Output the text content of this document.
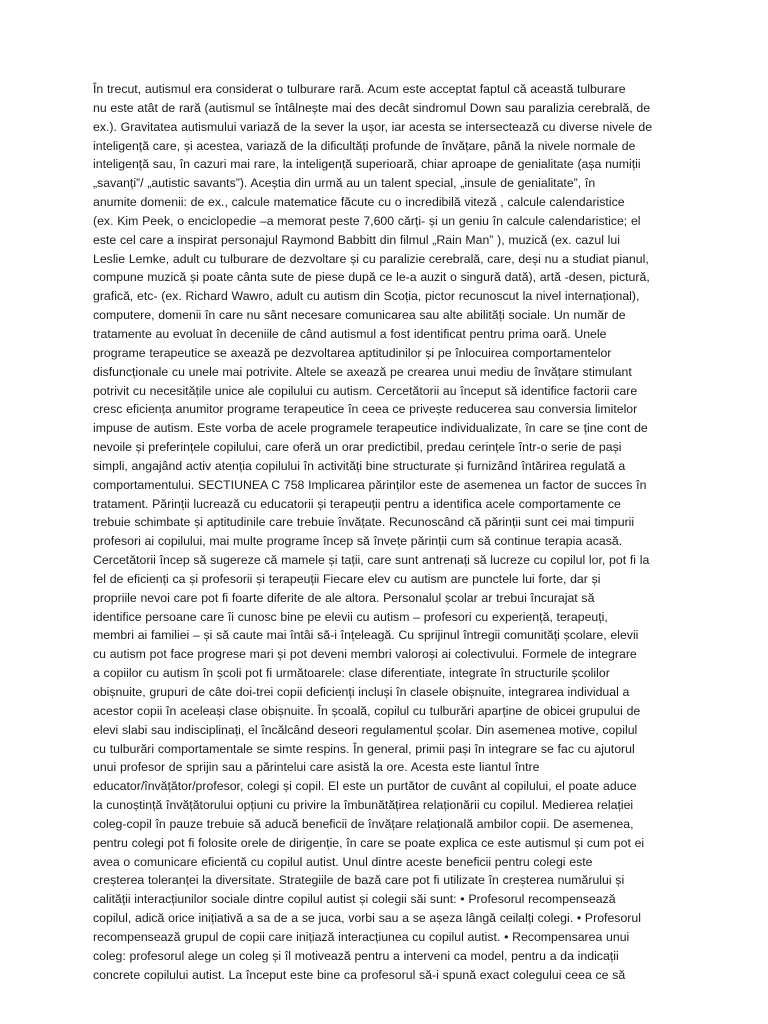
În trecut, autismul era considerat o tulburare rară. Acum este acceptat faptul că această tulburare
nu este atât de rară (autismul se întâlnește mai des decât sindromul Down sau paralizia cerebrală, de
ex.). Gravitatea autismului variază de la sever la ușor, iar acesta se intersectează cu diverse nivele de
inteligență care, și acestea, variază de la dificultăți profunde de învățare, până la nivele normale de
inteligență sau, în cazuri mai rare, la inteligență superioară, chiar aproape de genialitate (așa numiții
„savanți”/ „autistic savants”). Aceștia din urmă au un talent special, „insule de genialitate”, în
anumite domenii: de ex., calcule matematice făcute cu o incredibilă viteză , calcule calendaristice
(ex. Kim Peek, o enciclopedie –a memorat peste 7,600 cărți- și un geniu în calcule calendaristice; el
este cel care a inspirat personajul Raymond Babbitt din filmul „Rain Man” ), muzică (ex. cazul lui
Leslie Lemke, adult cu tulburare de dezvoltare și cu paralizie cerebrală, care, deși nu a studiat pianul,
compune muzică și poate cânta sute de piese după ce le-a auzit o singură dată), artă -desen, pictură,
grafică, etc- (ex. Richard Wawro, adult cu autism din Scoția, pictor recunoscut la nivel internațional),
computere, domenii în care nu sânt necesare comunicarea sau alte abilități sociale. Un număr de
tratamente au evoluat în deceniile de când autismul a fost identificat pentru prima oară. Unele
programe terapeutice se axează pe dezvoltarea aptitudinilor și pe înlocuirea comportamentelor
disfuncționale cu unele mai potrivite. Altele se axează pe crearea unui mediu de învățare stimulant
potrivit cu necesitățile unice ale copilului cu autism. Cercetătorii au început să identifice factorii care
cresc eficiența anumitor programe terapeutice în ceea ce privește reducerea sau conversia limitelor
impuse de autism. Este vorba de acele programele terapeutice individualizate, în care se ține cont de
nevoile și preferințele copilului, care oferă un orar predictibil, predau cerințele într-o serie de pași
simpli, angajând activ atenția copilului în activități bine structurate și furnizând întărirea regulată a
comportamentului. SECTIUNEA C 758 Implicarea părinților este de asemenea un factor de succes în
tratament. Părinții lucrează cu educatorii și terapeuții pentru a identifica acele comportamente ce
trebuie schimbate și aptitudinile care trebuie învățate. Recunoscând că părinții sunt cei mai timpurii
profesori ai copilului, mai multe programe încep să învețe părinții cum să continue terapia acasă.
Cercetătorii încep să sugereze că mamele și tații, care sunt antrenați să lucreze cu copilul lor, pot fi la
fel de eficienți ca și profesorii și terapeuții Fiecare elev cu autism are punctele lui forte, dar și
propriile nevoi care pot fi foarte diferite de ale altora. Personalul școlar ar trebui încurajat să
identifice persoane care îi cunosc bine pe elevii cu autism – profesori cu experiență, terapeuți,
membri ai familiei – și să caute mai întâi să-i înțeleagă. Cu sprijinul întregii comunități școlare, elevii
cu autism pot face progrese mari și pot deveni membri valoroși ai colectivului. Formele de integrare
a copiilor cu autism în școli pot fi următoarele: clase diferentiate, integrate în structurile școlilor
obișnuite, grupuri de câte doi-trei copii deficienți incluși în clasele obișnuite, integrarea individual a
acestor copii în aceleași clase obișnuite. În școală, copilul cu tulburări aparține de obicei grupului de
elevi slabi sau indisciplinați, el încălcând deseori regulamentul școlar. Din asemenea motive, copilul
cu tulburări comportamentale se simte respins. În general, primii pași în integrare se fac cu ajutorul
unui profesor de sprijin sau a părintelui care asistă la ore. Acesta este liantul între
educator/învățător/profesor, colegi și copil. El este un purtător de cuvânt al copilului, el poate aduce
la cunoștință învățătorului opțiuni cu privire la îmbunătățirea relaționării cu copilul. Medierea relației
coleg-copil în pauze trebuie să aducă beneficii de învățare relațională ambilor copii. De asemenea,
pentru colegi pot fi folosite orele de dirigenție, în care se poate explica ce este autismul și cum pot ei
avea o comunicare eficientă cu copilul autist. Unul dintre aceste beneficii pentru colegi este
creșterea toleranței la diversitate. Strategiile de bază care pot fi utilizate în creșterea numărului și
calității interacțiunilor sociale dintre copilul autist și colegii săi sunt: • Profesorul recompensează
copilul, adică orice inițiativă a sa de a se juca, vorbi sau a se așeza lângă ceilalți colegi. • Profesorul
recompensează grupul de copii care inițiază interacțiunea cu copilul autist. • Recompensarea unui
coleg: profesorul alege un coleg și îl motivează pentru a interveni ca model, pentru a da indicații
concrete copilului autist. La început este bine ca profesorul să-i spună exact colegului ceea ce să
